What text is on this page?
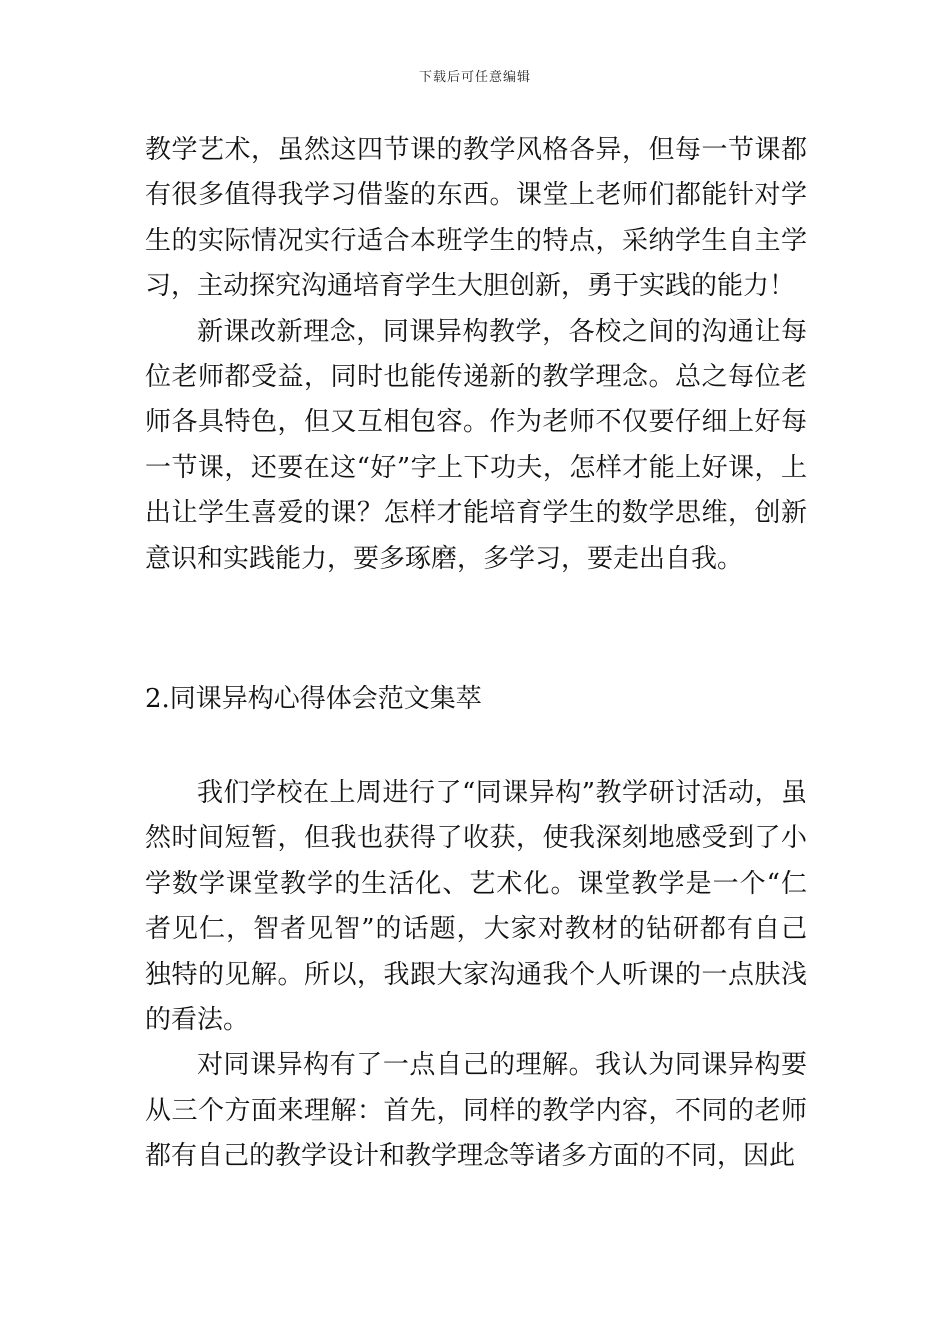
下载后可任意编辑

教学艺术，虽然这四节课的教学风格各异，但每一节课都有很多值得我学习借鉴的东西。课堂上老师们都能针对学生的实际情况实行适合本班学生的特点，采纳学生自主学习，主动探究沟通培育学生大胆创新，勇于实践的能力！

新课改新理念，同课异构教学，各校之间的沟通让每位老师都受益，同时也能传递新的教学理念。总之每位老师各具特色，但又互相包容。作为老师不仅要仔细上好每一节课，还要在这“好”字上下功夫，怎样才能上好课，上出让学生喜爱的课？怎样才能培育学生的数学思维，创新意识和实践能力，要多琢磨，多学习，要走出自我。

2.同课异构心得体会范文集萃

我们学校在上周进行了“同课异构”教学研讨活动，虽然时间短暂，但我也获得了收获，使我深刻地感受到了小学数学课堂教学的生活化、艺术化。课堂教学是一个“仁者见仁，智者见智”的话题，大家对教材的钻研都有自己独特的见解。所以，我跟大家沟通我个人听课的一点肤浅的看法。

对同课异构有了一点自己的理解。我认为同课异构要从三个方面来理解：首先，同样的教学内容，不同的老师都有自己的教学设计和教学理念等诸多方面的不同，因此
